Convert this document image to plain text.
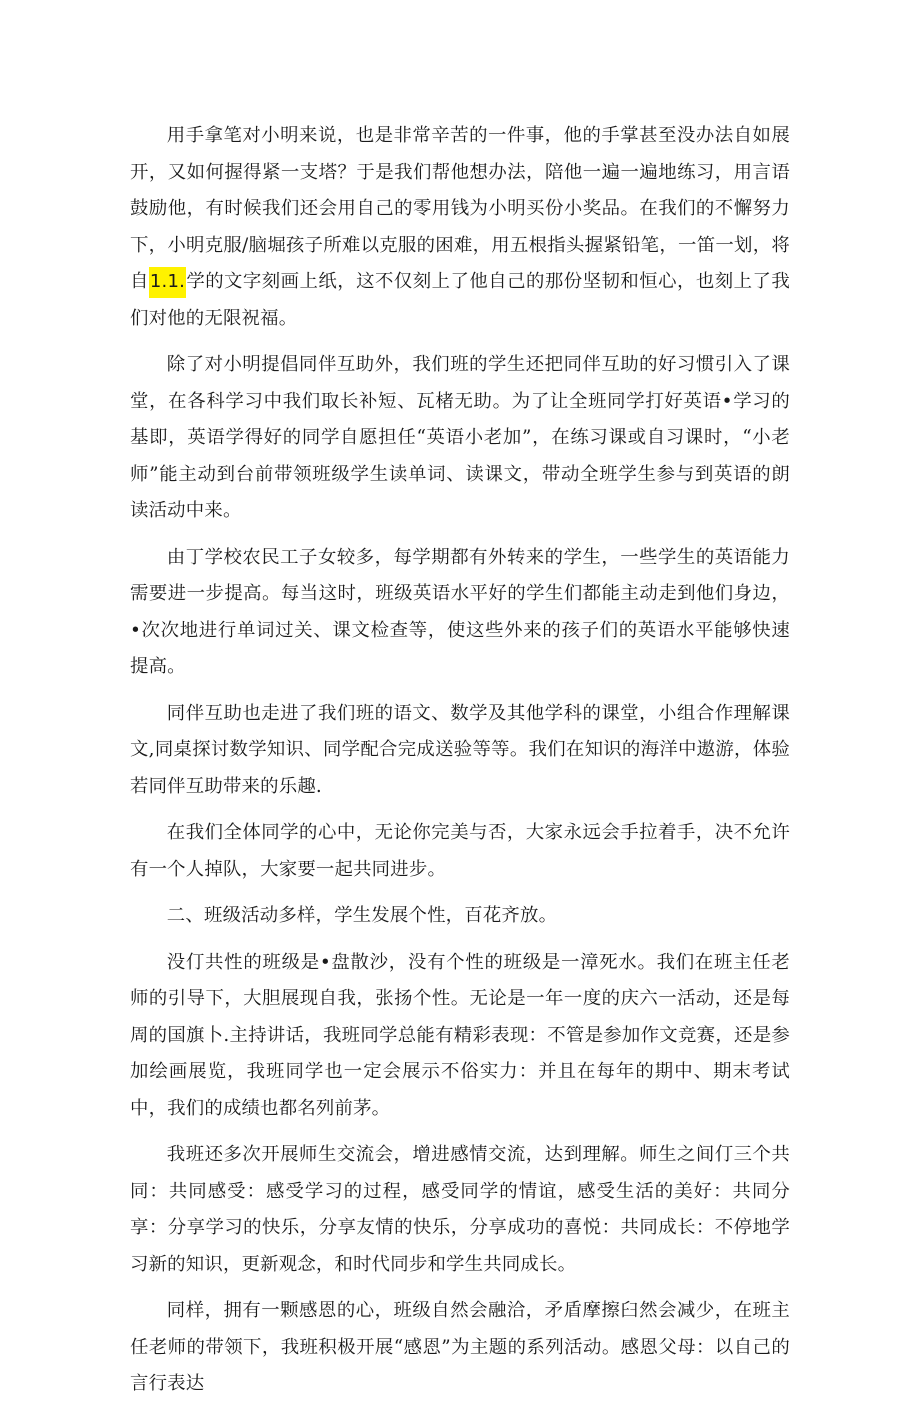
用手拿笔对小明来说，也是非常辛苦的一件事，他的手掌甚至没办法自如展开，又如何握得紧一支塔？于是我们帮他想办法，陪他一遍一遍地练习，用言语鼓励他，有时候我们还会用自己的零用钱为小明买份小奖品。在我们的不懈努力下，小明克服/脑堀孩子所难以克服的困难，用五根指头握紧铅笔，一笛一划，将自1.1.学的文字刻画上纸，这不仅刻上了他自己的那份坚韧和恒心，也刻上了我们对他的无限祝福。

除了对小明提倡同伴互助外，我们班的学生还把同伴互助的好习惯引入了课堂，在各科学习中我们取长补短、瓦楮无助。为了让全班同学打好英语•学习的基即，英语学得好的同学自愿担任“英语小老加”，在练习课或自习课时，“小老师”能主动到台前带领班级学生读单词、读课文，带动全班学生参与到英语的朗读活动中来。

由丁学校农民工子女较多，每学期都有外转来的学生，一些学生的英语能力需要进一步提高。每当这时，班级英语水平好的学生们都能主动走到他们身边，•次次地进行单词过关、课文检查等，使这些外来的孩子们的英语水平能够快速提高。

同伴互助也走进了我们班的语文、数学及其他学科的课堂，小组合作理解课文,同桌探讨数学知识、同学配合完成送验等等。我们在知识的海洋中遨游，体验若同伴互助带来的乐趣.

在我们全体同学的心中，无论你完美与否，大家永远会手拉着手，决不允许有一个人掉队，大家要一起共同进步。

二、班级活动多样，学生发展个性，百花齐放。

没仃共性的班级是•盘散沙，没有个性的班级是一漳死水。我们在班主任老师的引导下，大胆展现自我，张扬个性。无论是一年一度的庆六一活动，还是每周的国旗卜.主持讲话，我班同学总能有精彩表现：不管是参加作文竞赛，还是参加绘画展览，我班同学也一定会展示不俗实力：并且在每年的期中、期末考试中，我们的成绩也都名列前茅。

我班还多次开展师生交流会，增进感情交流，达到理解。师生之间仃三个共同：共同感受：感受学习的过程，感受同学的情谊，感受生活的美好：共同分享：分享学习的快乐，分享友情的快乐，分享成功的喜悦：共同成长：不停地学习新的知识，更新观念，和时代同步和学生共同成长。

同样，拥有一颗感恩的心，班级自然会融洽，矛盾摩擦臼然会减少，在班主任老师的带领下，我班积极开展“感恩”为主题的系列活动。感恩父母：以自己的言行表达
